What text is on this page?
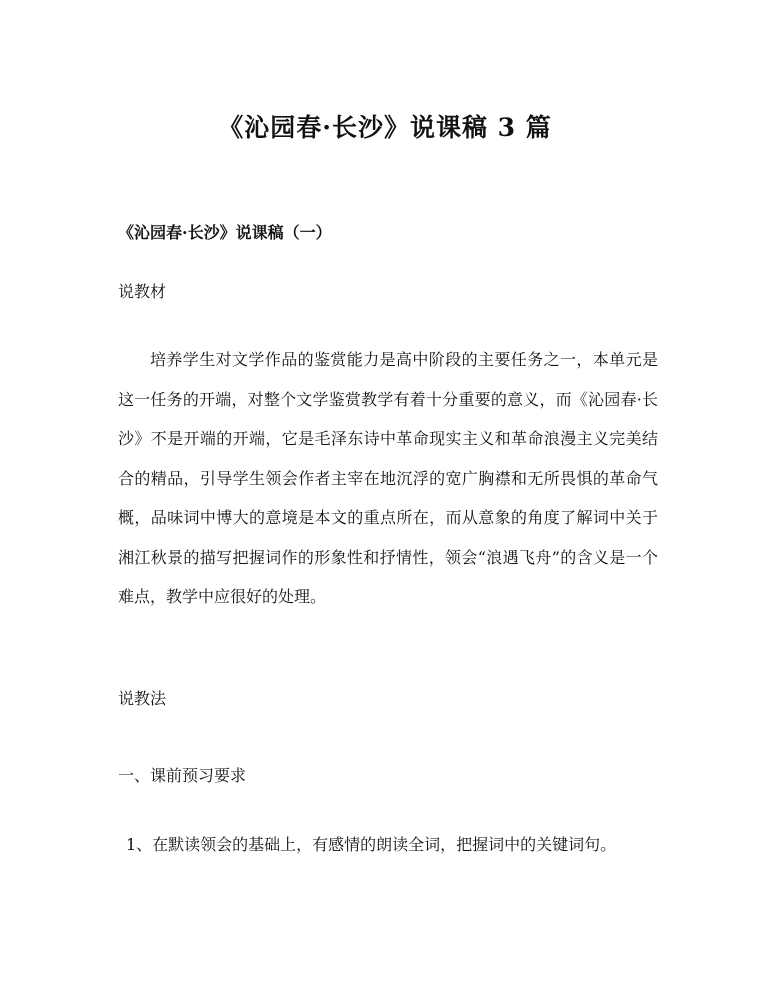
《沁园春·长沙》说课稿 3 篇
《沁园春·长沙》说课稿（一）

说教材

培养学生对文学作品的鉴赏能力是高中阶段的主要任务之一，本单元是这一任务的开端，对整个文学鉴赏教学有着十分重要的意义，而《沁园春·长沙》不是开端的开端，它是毛泽东诗中革命现实主义和革命浪漫主义完美结合的精品，引导学生领会作者主宰在地沉浮的宽广胸襟和无所畏惧的革命气概，品味词中博大的意境是本文的重点所在，而从意象的角度了解词中关于湘江秋景的描写把握词作的形象性和抒情性，领会“浪遇飞舟”的含义是一个难点，教学中应很好的处理。

说教法

一、课前预习要求

1、在默读领会的基础上，有感情的朗读全词，把握词中的关键词句。
